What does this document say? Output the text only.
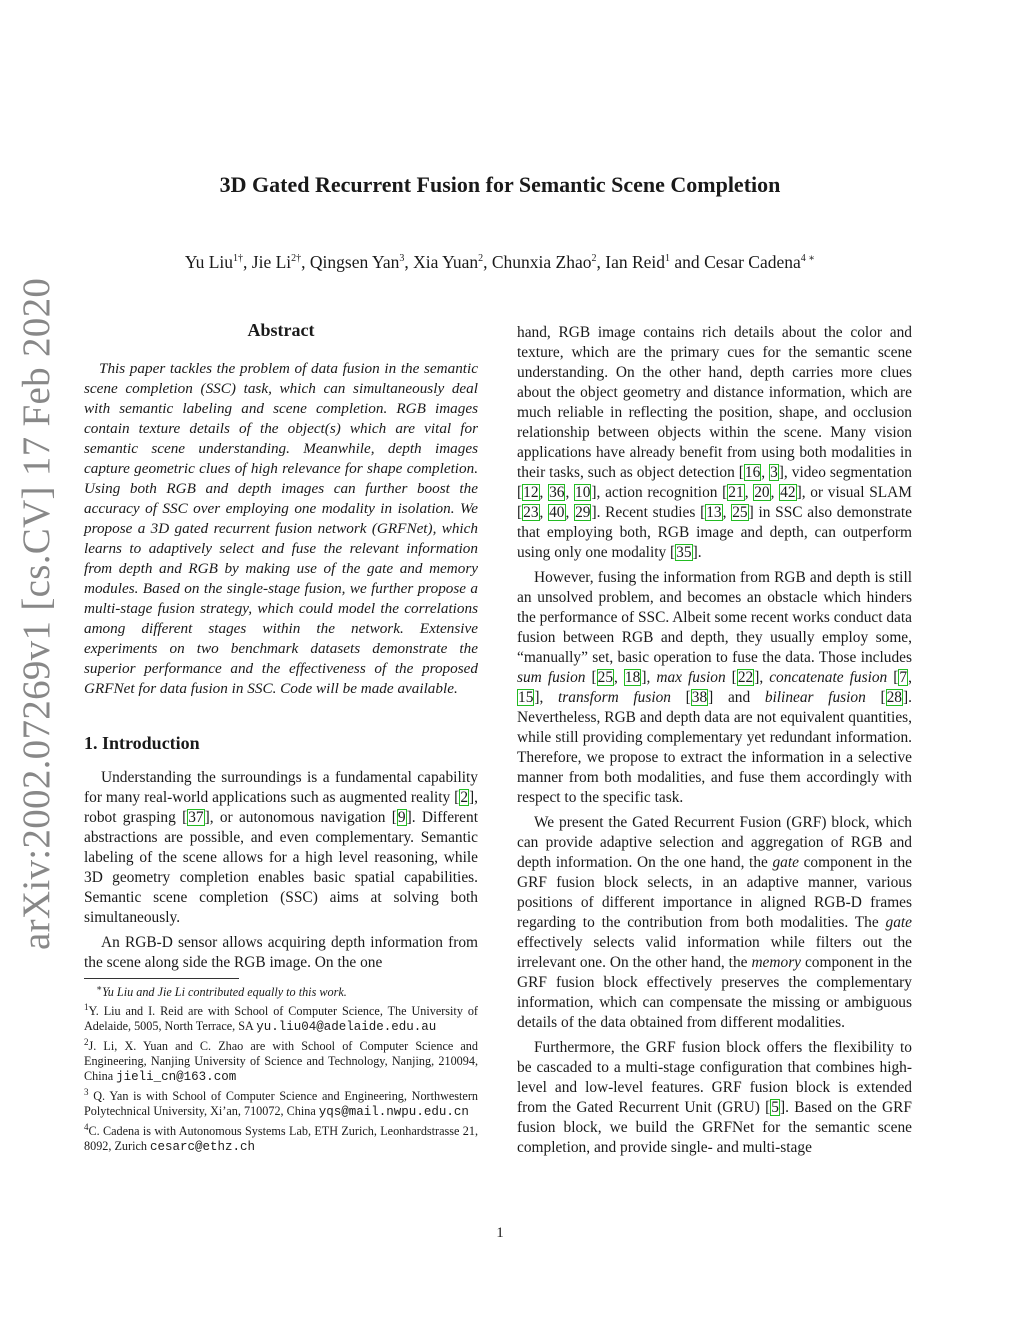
arXiv:2002.07269v1 [cs.CV] 17 Feb 2020
3D Gated Recurrent Fusion for Semantic Scene Completion
Yu Liu$^{1\dagger}$, Jie $Li^{2\dagger}$, Qingsen Yan$^3$, Xia Yuan$^2$, Chunxia Zhao$^2$, Ian Reid$^1$ and Cesar Cadena$^{4 ∗}$
Abstract

This paper tackles the problem of data fusion in the semantic scene completion (SSC) task, which can simultaneously deal with semantic labeling and scene completion. RGB images contain texture details of the object(s) which are vital for semantic scene understanding. Meanwhile, depth images capture geometric clues of high relevance for shape completion. Using both RGB and depth images can further boost the accuracy of SSC over employing one modality in isolation. We propose a 3D gated recurrent fusion network (GRFNet), which learns to adaptively select and fuse the relevant information from depth and RGB by making use of the gate and memory modules. Based on the single-stage fusion, we further propose a multi-stage fusion strategy, which could model the correlations among different stages within the network. Extensive experiments on two benchmark datasets demonstrate the superior performance and the effectiveness of the proposed GRFNet for data fusion in SSC. Code will be made available.

1. Introduction

Understanding the surroundings is a fundamental capability for many real-world applications such as augmented reality [2], robot grasping [37], or autonomous navigation [9]. Different abstractions are possible, and even complementary. Semantic labeling of the scene allows for a high level reasoning, while 3D geometry completion enables basic spatial capabilities. Semantic scene completion (SSC) aims at solving both simultaneously.

An RGB-D sensor allows acquiring depth information from the scene along side the RGB image. On the one

∗Yu Liu and Jie Li contributed equally to this work.

$^1$Y. Liu and I. Reid are with School of Computer Science, The University of Adelaide, 5005, North Terrace, SA yu.liu04@adelaide.edu.au

$^2$J. Li, X. Yuan and C. Zhao are with School of Computer Science and Engineering, Nanjing University of Science and Technology, Nanjing, 210094, China jieli_cn@163.com

$^3$ Q. Yan is with School of Computer Science and Engineering, Northwestern Polytechnical University, Xi’an, 710072, China yqs@mail.nwpu.edu.cn

$^4$C. Cadena is with Autonomous Systems Lab, ETH Zurich, Leonhardstrasse 21, 8092, Zurich cesarc@ethz.ch

hand, RGB image contains rich details about the color and texture, which are the primary cues for the semantic scene understanding. On the other hand, depth carries more clues about the object geometry and distance information, which are much reliable in reflecting the position, shape, and occlusion relationship between objects within the scene. Many vision applications have already benefit from using both modalities in their tasks, such as object detection [16, 3], video segmentation [12, 36, 10], action recognition [21, 20, 42], or visual SLAM [23, 40, 29]. Recent studies [13, 25] in SSC also demonstrate that employing both, RGB image and depth, can outperform using only one modality [35].

However, fusing the information from RGB and depth is still an unsolved problem, and becomes an obstacle which hinders the performance of SSC. Albeit some recent works conduct data fusion between RGB and depth, they usually employ some, “manually” set, basic operation to fuse the data. Those includes sum fusion [25, 18], max fusion [22], concatenate fusion [7, 15], transform fusion [38] and bilinear fusion [28]. Nevertheless, RGB and depth data are not equivalent quantities, while still providing complementary yet redundant information. Therefore, we propose to extract the information in a selective manner from both modalities, and fuse them accordingly with respect to the specific task.

We present the Gated Recurrent Fusion (GRF) block, which can provide adaptive selection and aggregation of RGB and depth information. On the one hand, the gate component in the GRF fusion block selects, in an adaptive manner, various positions of different importance in aligned RGB-D frames regarding to the contribution from both modalities. The gate effectively selects valid information while filters out the irrelevant one. On the other hand, the memory component in the GRF fusion block effectively preserves the complementary information, which can compensate the missing or ambiguous details of the data obtained from different modalities.

Furthermore, the GRF fusion block offers the flexibility to be cascaded to a multi-stage configuration that combines high-level and low-level features. GRF fusion block is extended from the Gated Recurrent Unit (GRU) [5]. Based on the GRF fusion block, we build the GRFNet for the semantic scene completion, and provide single- and multi-stage

1
